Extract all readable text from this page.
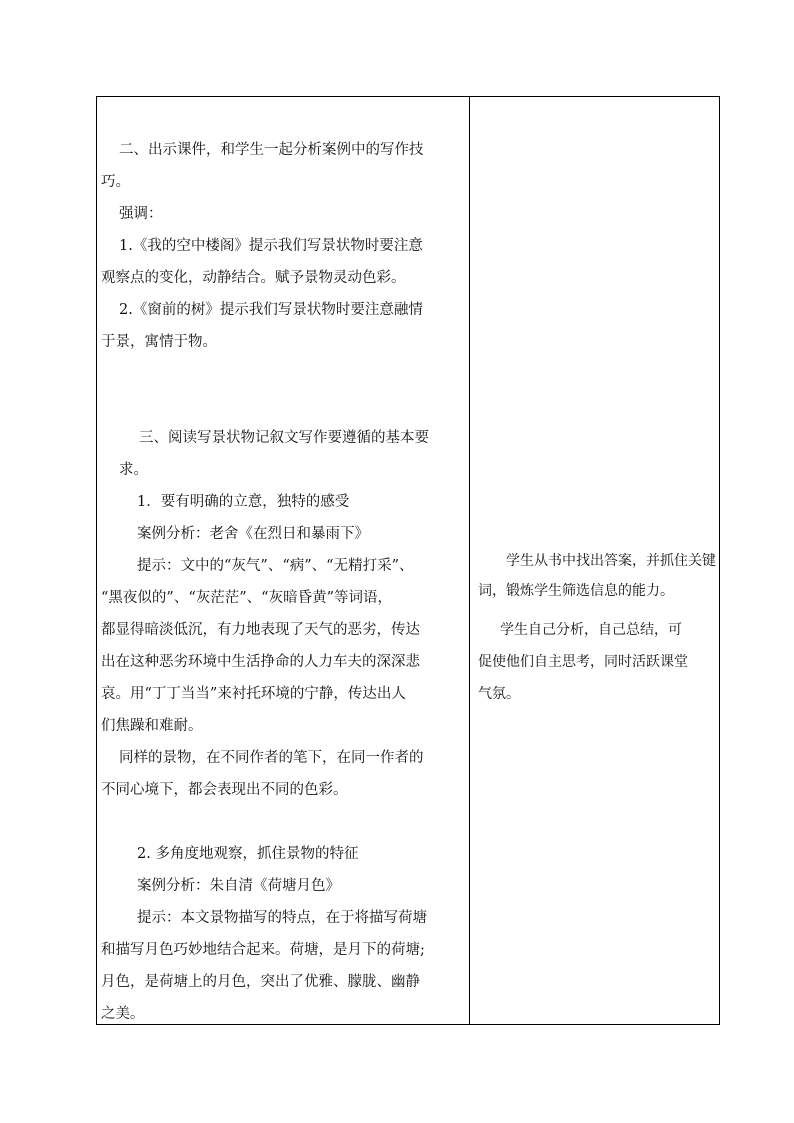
二、出示课件，和学生一起分析案例中的写作技
巧。
强调：
1.《我的空中楼阁》提示我们写景状物时要注意
观察点的变化，动静结合。赋予景物灵动色彩。
2.《窗前的树》提示我们写景状物时要注意融情
于景，寓情于物。
三、阅读写景状物记叙文写作要遵循的基本要
求。
1．要有明确的立意，独特的感受
案例分析：老舍《在烈日和暴雨下》
提示：文中的“灰气”、“病”、“无精打采”、
“黑夜似的”、“灰茫茫”、“灰暗昏黄”等词语，
都显得暗淡低沉，有力地表现了天气的恶劣，传达
出在这种恶劣环境中生活挣命的人力车夫的深深悲
哀。用“丁丁当当”来衬托环境的宁静，传达出人
们焦躁和难耐。
同样的景物，在不同作者的笔下，在同一作者的
不同心境下，都会表现出不同的色彩。
2. 多角度地观察，抓住景物的特征
案例分析：朱自清《荷塘月色》
提示：本文景物描写的特点，在于将描写荷塘
和描写月色巧妙地结合起来。荷塘，是月下的荷塘;
月色，是荷塘上的月色，突出了优雅、朦胧、幽静
之美。
学生从书中找出答案，并抓住关键
词，锻炼学生筛选信息的能力。
学生自己分析，自己总结，可
促使他们自主思考，同时活跃课堂
气氛。
